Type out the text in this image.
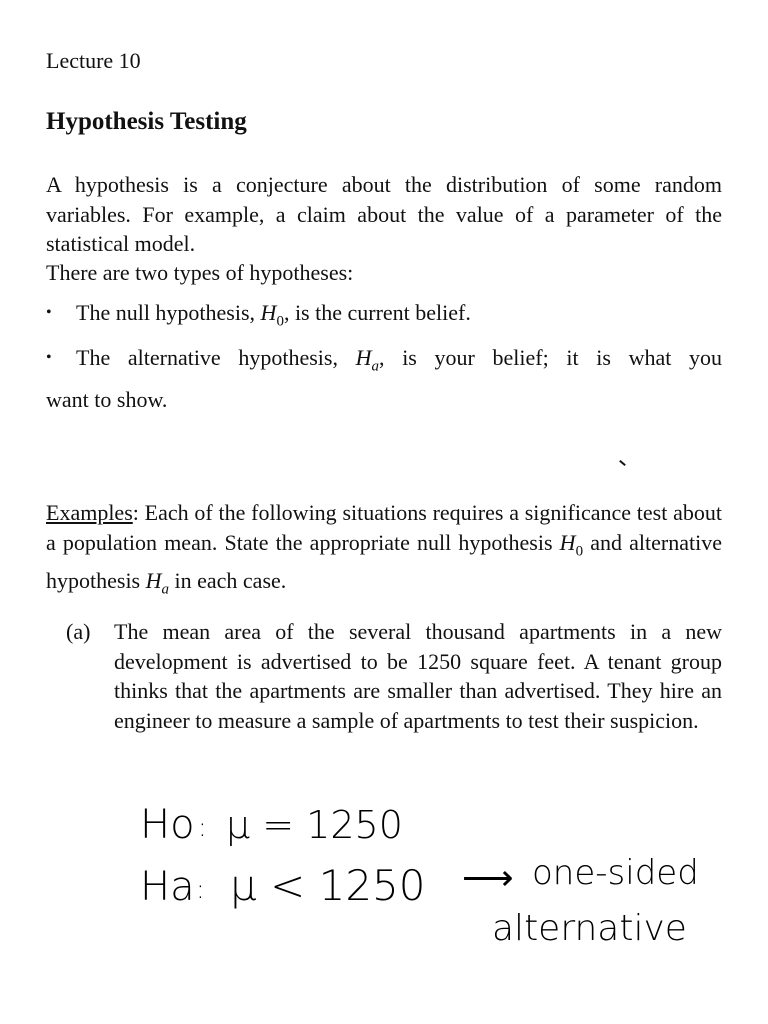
Lecture 10
Hypothesis Testing
A hypothesis is a conjecture about the distribution of some random variables. For example, a claim about the value of a parameter of the statistical model.
There are two types of hypotheses:
• The null hypothesis, $H_0$, is the current belief.
• The alternative hypothesis, $H_a$, is your belief; it is what you
want to show.
Examples: Each of the following situations requires a significance test about a population mean. State the appropriate null hypothesis $H_0$ and alternative hypothesis $H_a$ in each case.
(a)	The mean area of the several thousand apartments in a new development is advertised to be 1250 square feet. A tenant group thinks that the apartments are smaller than advertised. They hire an engineer to measure a sample of apartments to test their suspicion.
Ho : μ = 1250
Ha : μ < 1250 ⟶ one-sided
alternative
